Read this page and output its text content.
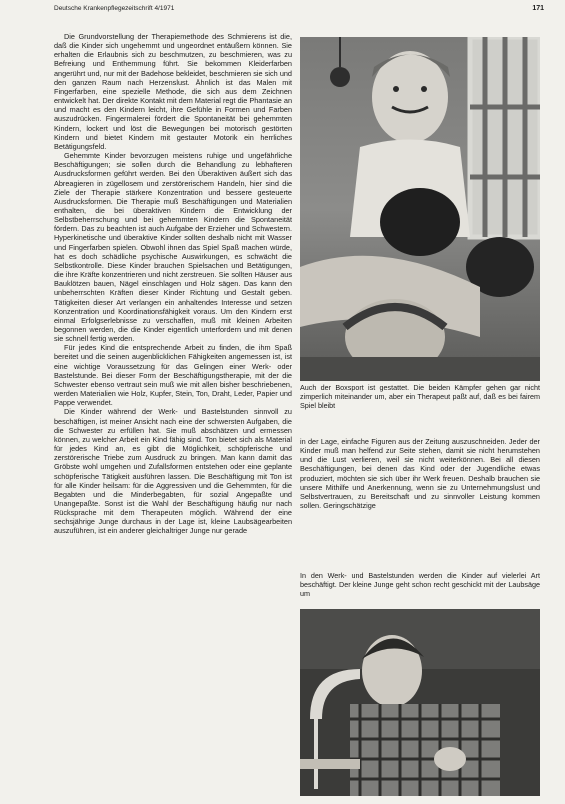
Deutsche Krankenpflegezeitschrift 4/1971	171

Die Grundvorstellung der Therapiemethode des Schmierens ist die, daß die Kinder sich ungehemmt und ungeordnet entäußern können. Sie erhalten die Erlaubnis sich zu beschmutzen, zu beschmieren, was zu Befreiung und Enthemmung führt. Sie bekommen Kleiderfarben angerührt und, nur mit der Badehose bekleidet, beschmieren sie sich und den ganzen Raum nach Herzenslust. Ähnlich ist das Malen mit Fingerfarben, eine spezielle Methode, die sich aus dem Zeichnen entwickelt hat. Der direkte Kontakt mit dem Material regt die Phantasie an und macht es den Kindern leicht, ihre Gefühle in Formen und Farben auszudrücken. Fingermalerei fördert die Spontaneität bei gehemmten Kindern, lockert und löst die Bewegungen bei motorisch gestörten Kindern und bietet Kindern mit gestauter Motorik ein herrliches Betätigungsfeld.

Gehemmte Kinder bevorzugen meistens ruhige und ungefährliche Beschäftigungen; sie sollen durch die Behandlung zu lebhafteren Ausdrucksformen geführt werden. Bei den Überaktiven äußert sich das Abreagieren in zügellosem und zerstörerischem Handeln, hier sind die Ziele der Therapie stärkere Konzentration und bessere gesteuerte Ausdrucksformen. Die Therapie muß Beschäftigungen und Materialien enthalten, die bei überaktiven Kindern die Entwicklung der Selbstbeherrschung und bei gehemmten Kindern die Spontaneität fördern. Das zu beachten ist auch Aufgabe der Erzieher und Schwestern. Hyperkinetische und überaktive Kinder sollten deshalb nicht mit Wasser und Fingerfarben spielen. Obwohl ihnen das Spiel Spaß machen würde, hat es doch schädliche psychische Auswirkungen, es schwächt die Selbstkontrolle. Diese Kinder brauchen Spielsachen und Betätigungen, die ihre Kräfte konzentrieren und nicht zerstreuen. Sie sollten Häuser aus Bauklötzen bauen, Nägel einschlagen und Holz sägen. Das kann den unbeherrschten Kräften dieser Kinder Richtung und Gestalt geben. Tätigkeiten dieser Art verlangen ein anhaltendes Interesse und setzen Konzentration und Koordinationsfähigkeit voraus. Um den Kindern erst einmal Erfolgserlebnisse zu verschaffen, muß mit kleinen Arbeiten begonnen werden, die die Kinder eigentlich unterfordern und mit denen sie schnell fertig werden.

Für jedes Kind die entsprechende Arbeit zu finden, die ihm Spaß bereitet und die seinen augenblicklichen Fähigkeiten angemessen ist, ist eine wichtige Voraussetzung für das Gelingen einer Werk- oder Bastelstunde. Bei dieser Form der Beschäftigungstherapie, mit der die Schwester ebenso vertraut sein muß wie mit allen bisher beschriebenen, werden Materialien wie Holz, Kupfer, Stein, Ton, Draht, Leder, Papier und Pappe verwendet.

Die Kinder während der Werk- und Bastelstunden sinnvoll zu beschäftigen, ist meiner Ansicht nach eine der schwersten Aufgaben, die die Schwester zu erfüllen hat. Sie muß abschätzen und ermessen können, zu welcher Arbeit ein Kind fähig sind. Ton bietet sich als Material für jedes Kind an, es gibt die Möglichkeit, schöpferische und zerstörerische Triebe zum Ausdruck zu bringen. Man kann damit das Gröbste wohl umgehen und Zufallsformen entstehen oder eine geplante schöpferische Tätigkeit ausführen lassen. Die Beschäftigung mit Ton ist für alle Kinder heilsam: für die Aggressiven und die Gehemmten, für die Begabten und die Minderbegabten, für sozial Angepaßte und Unangepaßte. Sonst ist die Wahl der Beschäftigung häufig nur nach Rücksprache mit dem Therapeuten möglich. Während der eine sechsjährige Junge durchaus in der Lage ist, kleine Laubsägearbeiten auszuführen, ist ein anderer gleichaltriger Junge nur gerade

Auch der Boxsport ist gestattet. Die beiden Kämpfer gehen gar nicht zimperlich miteinander um, aber ein Therapeut paßt auf, daß es bei fairem Spiel bleibt

in der Lage, einfache Figuren aus der Zeitung auszuschneiden. Jeder der Kinder muß man helfend zur Seite stehen, damit sie nicht herumstehen und die Lust verlieren, weil sie nicht weiterkönnen. Bei all diesen Beschäftigungen, bei denen das Kind oder der Jugendliche etwas produziert, möchten sie sich über ihr Werk freuen. Deshalb brauchen sie unsere Mithilfe und Anerkennung, wenn sie zu Unternehmungslust und Selbstvertrauen, zu Bereitschaft und zu sinnvoller Leistung kommen sollen. Geringschätzige

In den Werk- und Bastelstunden werden die Kinder auf vielerlei Art beschäftigt. Der kleine Junge geht schon recht geschickt mit der Laubsäge um
